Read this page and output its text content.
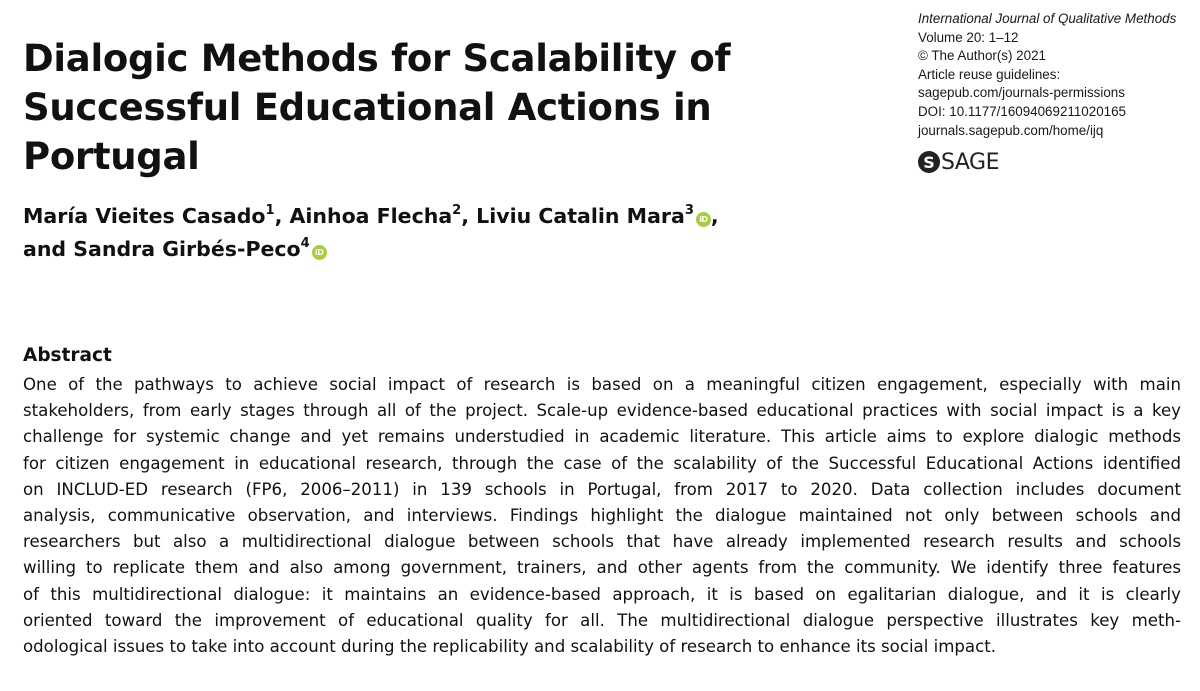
Dialogic Methods for Scalability of
Successful Educational Actions in Portugal
International Journal of Qualitative Methods
Volume 20: 1–12
© The Author(s) 2021
Article reuse guidelines:
sagepub.com/journals-permissions
DOI: 10.1177/16094069211020165
journals.sagepub.com/home/ijq
S SAGE
María Vieites Casado$^1$, Ainhoa Flecha$^2$, Liviu Catalin Mara$^3$iD ,
and Sandra Girbés-Peco$^4$iD
Abstract
One of the pathways to achieve social impact of research is based on a meaningful citizen engagement, especially with main
stakeholders, from early stages through all of the project. Scale-up evidence-based educational practices with social impact is a key
challenge for systemic change and yet remains understudied in academic literature. This article aims to explore dialogic methods
for citizen engagement in educational research, through the case of the scalability of the Successful Educational Actions identified
on INCLUD-ED research (FP6, 2006–2011) in 139 schools in Portugal, from 2017 to 2020. Data collection includes document
analysis, communicative observation, and interviews. Findings highlight the dialogue maintained not only between schools and
researchers but also a multidirectional dialogue between schools that have already implemented research results and schools
willing to replicate them and also among government, trainers, and other agents from the community. We identify three features
of this multidirectional dialogue: it maintains an evidence-based approach, it is based on egalitarian dialogue, and it is clearly
oriented toward the improvement of educational quality for all. The multidirectional dialogue perspective illustrates key meth-
odological issues to take into account during the replicability and scalability of research to enhance its social impact.
